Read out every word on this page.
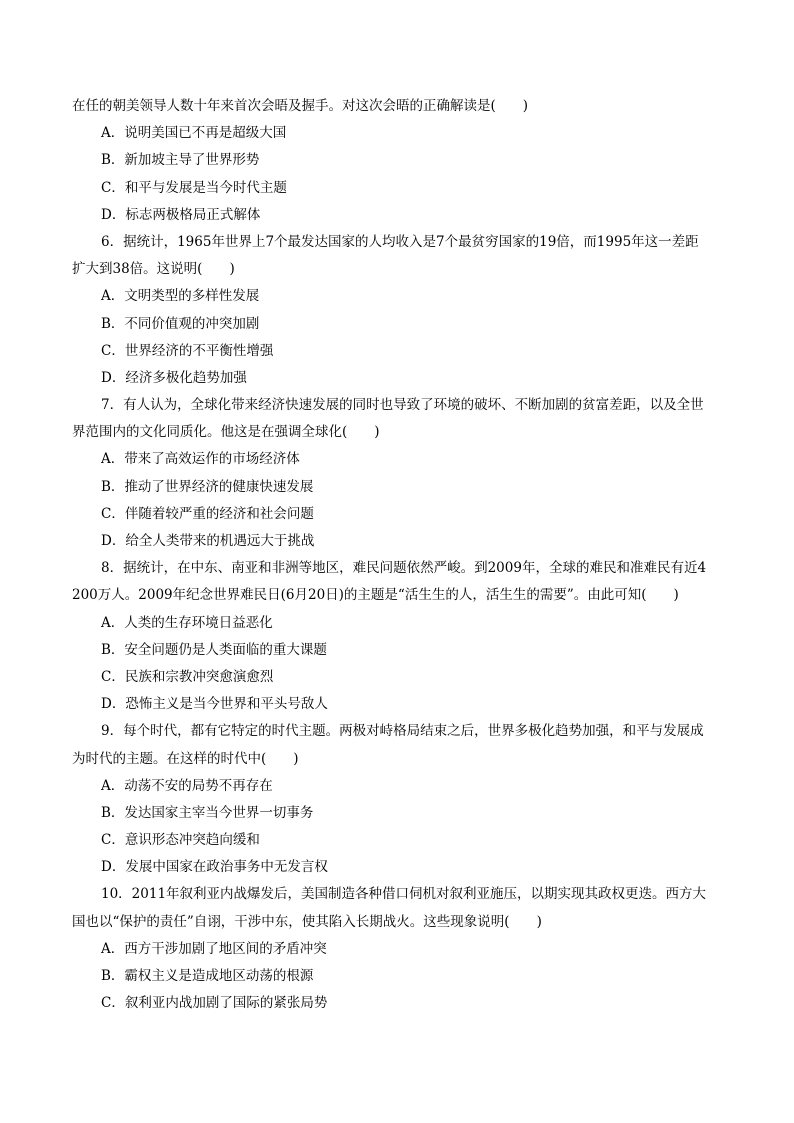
在任的朝美领导人数十年来首次会晤及握手。对这次会晤的正确解读是(　　)
A．说明美国已不再是超级大国
B．新加坡主导了世界形势
C．和平与发展是当今时代主题
D．标志两极格局正式解体
6．据统计，1965年世界上7个最发达国家的人均收入是7个最贫穷国家的19倍，而1995年这一差距
扩大到38倍。这说明(　　)
A．文明类型的多样性发展
B．不同价值观的冲突加剧
C．世界经济的不平衡性增强
D．经济多极化趋势加强
7．有人认为，全球化带来经济快速发展的同时也导致了环境的破坏、不断加剧的贫富差距，以及全世
界范围内的文化同质化。他这是在强调全球化(　　)
A．带来了高效运作的市场经济体
B．推动了世界经济的健康快速发展
C．伴随着较严重的经济和社会问题
D．给全人类带来的机遇远大于挑战
8．据统计，在中东、南亚和非洲等地区，难民问题依然严峻。到2009年，全球的难民和准难民有近4
200万人。2009年纪念世界难民日(6月20日)的主题是“活生生的人，活生生的需要”。由此可知(　　)
A．人类的生存环境日益恶化
B．安全问题仍是人类面临的重大课题
C．民族和宗教冲突愈演愈烈
D．恐怖主义是当今世界和平头号敌人
9．每个时代，都有它特定的时代主题。两极对峙格局结束之后，世界多极化趋势加强，和平与发展成
为时代的主题。在这样的时代中(　　)
A．动荡不安的局势不再存在
B．发达国家主宰当今世界一切事务
C．意识形态冲突趋向缓和
D．发展中国家在政治事务中无发言权
10．2011年叙利亚内战爆发后，美国制造各种借口伺机对叙利亚施压，以期实现其政权更迭。西方大
国也以“保护的责任”自诩，干涉中东，使其陷入长期战火。这些现象说明(　　)
A．西方干涉加剧了地区间的矛盾冲突
B．霸权主义是造成地区动荡的根源
C．叙利亚内战加剧了国际的紧张局势
